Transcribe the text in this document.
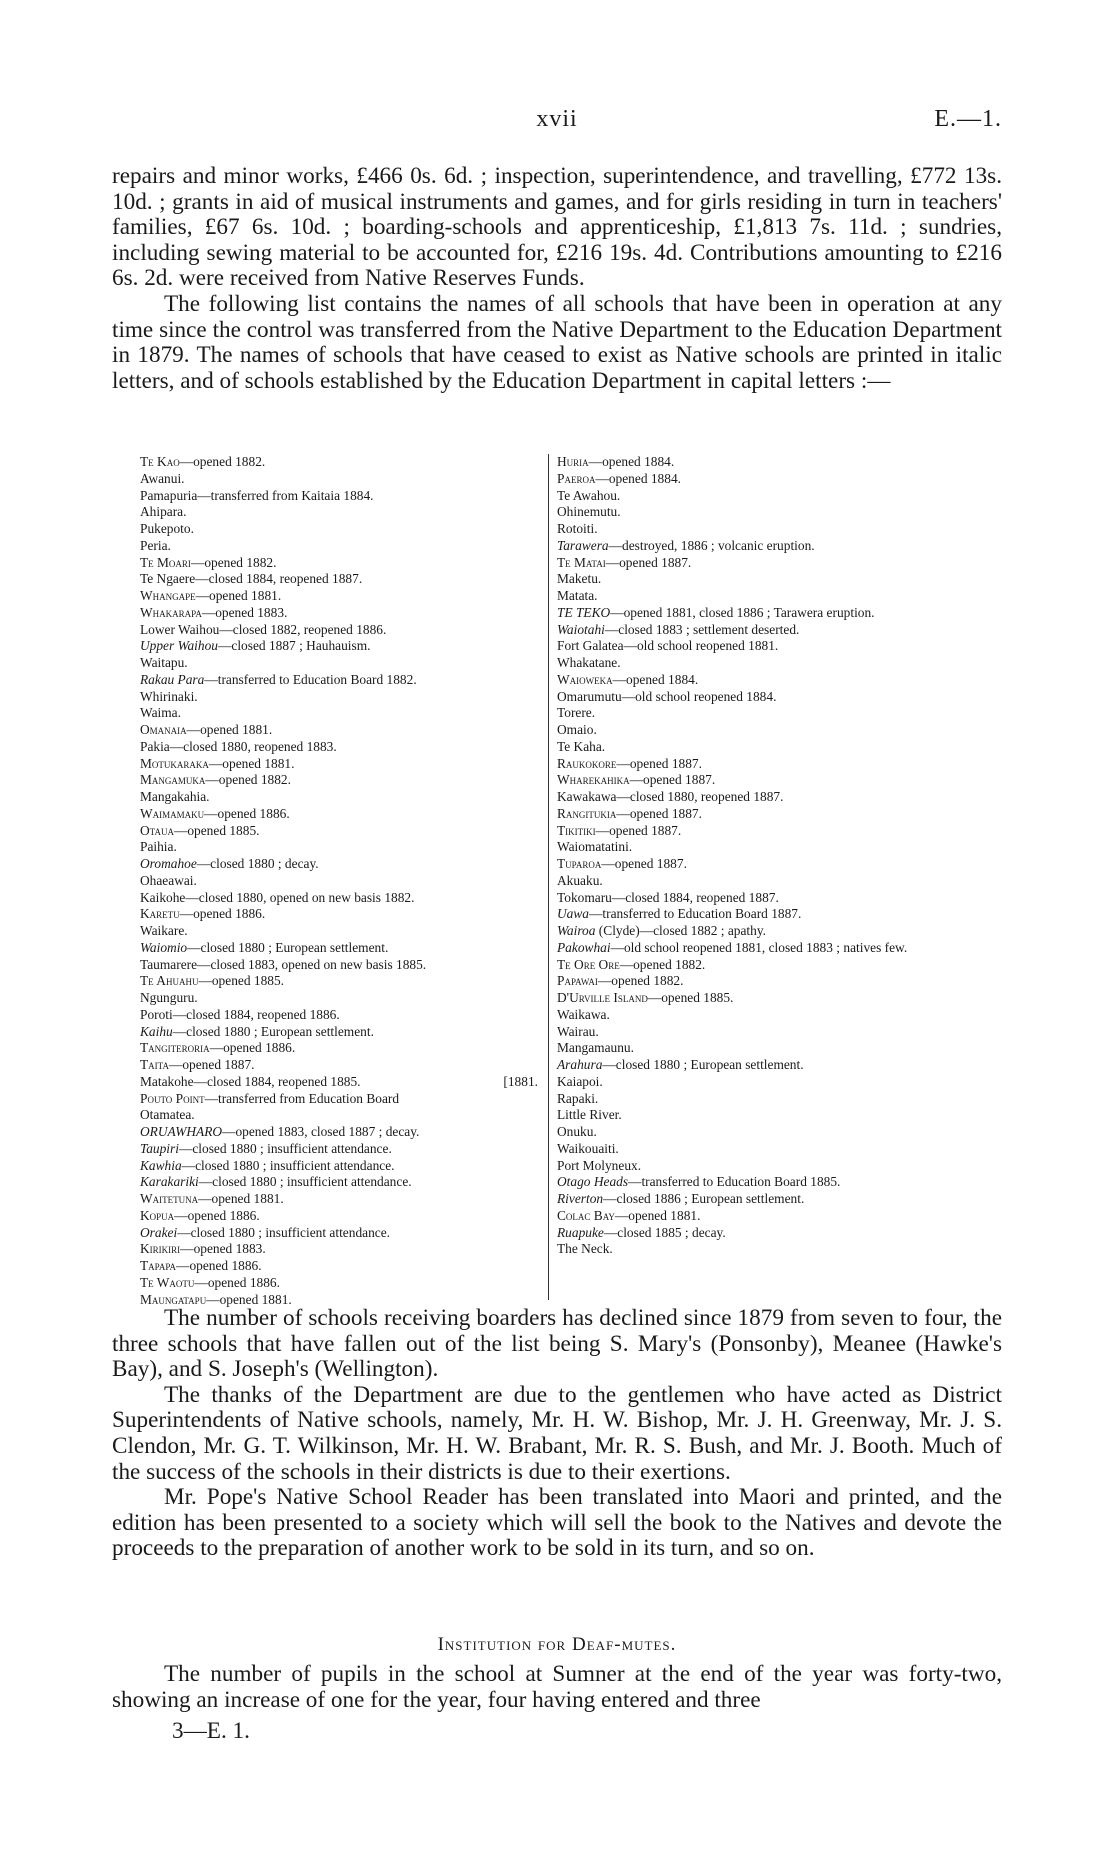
xvii	E.—1.

repairs and minor works, £466 0s. 6d. ; inspection, superintendence, and travelling, £772 13s. 10d. ; grants in aid of musical instruments and games, and for girls residing in turn in teachers' families, £67 6s. 10d. ; boarding-schools and apprenticeship, £1,813 7s. 11d. ; sundries, including sewing material to be accounted for, £216 19s. 4d. Contributions amounting to £216 6s. 2d. were received from Native Reserves Funds.

The following list contains the names of all schools that have been in operation at any time since the control was transferred from the Native Department to the Education Department in 1879. The names of schools that have ceased to exist as Native schools are printed in italic letters, and of schools established by the Education Department in capital letters :—

Te Kao—opened 1882.
Awanui.
Pamapuria—transferred from Kaitaia 1884.
Ahipara.
Pukepoto.
Peria.
Te Moari—opened 1882.
Te Ngaere—closed 1884, reopened 1887.
Whangape—opened 1881.
Whakarapa—opened 1883.
Lower Waihou—closed 1882, reopened 1886.
Upper Waihou—closed 1887 ; Hauhauism.
Waitapu.
Rakau Para—transferred to Education Board 1882.
Whirinaki.
Waima.
Omanaia—opened 1881.
Pakia—closed 1880, reopened 1883.
Motukaraka—opened 1881.
Mangamuka—opened 1882.
Mangakahia.
Waimamaku—opened 1886.
Otaua—opened 1885.
Paihia.
Oromahoe—closed 1880 ; decay.
Ohaeawai.
Kaikohe—closed 1880, opened on new basis 1882.
Karetu—opened 1886.
Waikare.
Waiomio—closed 1880 ; European settlement.
Taumarere—closed 1883, opened on new basis 1885.
Te Ahuahu—opened 1885.
Ngunguru.
Poroti—closed 1884, reopened 1886.
Kaihu—closed 1880 ; European settlement.
Tangiteroria—opened 1886.
Taita—opened 1887.
Matakohe—closed 1884, reopened 1885.	[1881.
Pouto Point—transferred from Education Board
Otamatea.
ORUAWHARO—opened 1883, closed 1887 ; decay.
Taupiri—closed 1880 ; insufficient attendance.
Kawhia—closed 1880 ; insufficient attendance.
Karakariki—closed 1880 ; insufficient attendance.
Waitetuna—opened 1881.
Kopua—opened 1886.
Orakei—closed 1880 ; insufficient attendance.
Kirikiri—opened 1883.
Tapapa—opened 1886.
Te Waotu—opened 1886.
Maungatapu—opened 1881.
Huria—opened 1884.
Paeroa—opened 1884.
Te Awahou.
Ohinemutu.
Rotoiti.
Tarawera—destroyed, 1886 ; volcanic eruption.
Te Matai—opened 1887.
Maketu.
Matata.
TE TEKO—opened 1881, closed 1886 ; Tarawera eruption.
Waiotahi—closed 1883 ; settlement deserted.
Fort Galatea—old school reopened 1881.
Whakatane.
Waioweka—opened 1884.
Omarumutu—old school reopened 1884.
Torere.
Omaio.
Te Kaha.
Raukokore—opened 1887.
Wharekahika—opened 1887.
Kawakawa—closed 1880, reopened 1887.
Rangitukia—opened 1887.
Tikitiki—opened 1887.
Waiomatatini.
Tuparoa—opened 1887.
Akuaku.
Tokomaru—closed 1884, reopened 1887.
Uawa—transferred to Education Board 1887.
Wairoa (Clyde)—closed 1882 ; apathy.
Pakowhai—old school reopened 1881, closed 1883 ; natives few.
Te Ore Ore—opened 1882.
Papawai—opened 1882.
D'Urville Island—opened 1885.
Waikawa.
Wairau.
Mangamaunu.
Arahura—closed 1880 ; European settlement.
Kaiapoi.
Rapaki.
Little River.
Onuku.
Waikouaiti.
Port Molyneux.
Otago Heads—transferred to Education Board 1885.
Riverton—closed 1886 ; European settlement.
Colac Bay—opened 1881.
Ruapuke—closed 1885 ; decay.
The Neck.

The number of schools receiving boarders has declined since 1879 from seven to four, the three schools that have fallen out of the list being S. Mary's (Ponsonby), Meanee (Hawke's Bay), and S. Joseph's (Wellington).

The thanks of the Department are due to the gentlemen who have acted as District Superintendents of Native schools, namely, Mr. H. W. Bishop, Mr. J. H. Greenway, Mr. J. S. Clendon, Mr. G. T. Wilkinson, Mr. H. W. Brabant, Mr. R. S. Bush, and Mr. J. Booth. Much of the success of the schools in their districts is due to their exertions.

Mr. Pope's Native School Reader has been translated into Maori and printed, and the edition has been presented to a society which will sell the book to the Natives and devote the proceeds to the preparation of another work to be sold in its turn, and so on.

Institution for Deaf-mutes.

The number of pupils in the school at Sumner at the end of the year was forty-two, showing an increase of one for the year, four having entered and three

3—E. 1.
